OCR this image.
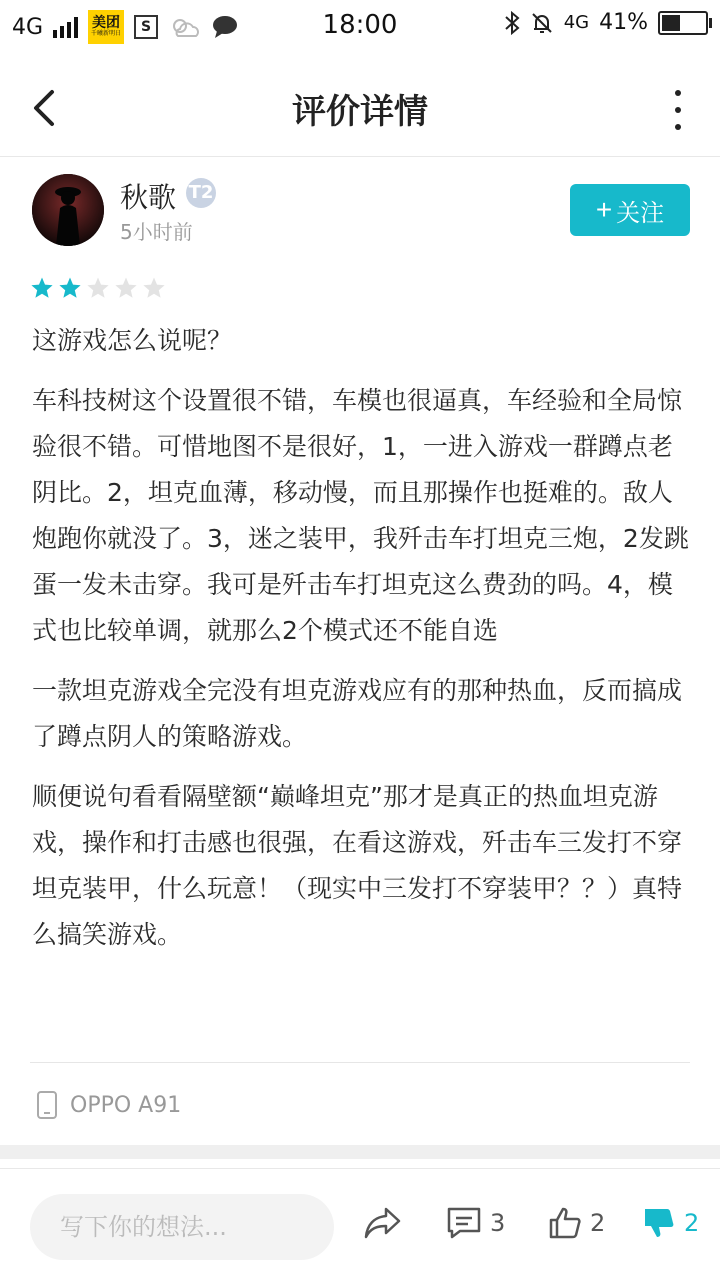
4G	美团
千曦新明日	S	18:00	4G 41%
评价详情
秋歌 T2
5小时前
+ 关注

这游戏怎么说呢？

车科技树这个设置很不错，车模也很逼真，车经验和全局惊验很不错。可惜地图不是很好，1，一进入游戏一群蹲点老阴比。2，坦克血薄，移动慢，而且那操作也挺难的。敌人炮跑你就没了。3，迷之装甲，我歼击车打坦克三炮，2发跳蛋一发未击穿。我可是歼击车打坦克这么费劲的吗。4，模式也比较单调，就那么2个模式还不能自选

一款坦克游戏全完没有坦克游戏应有的那种热血，反而搞成了蹲点阴人的策略游戏。

顺便说句看看隔壁额“巅峰坦克”那才是真正的热血坦克游戏，操作和打击感也很强，在看这游戏，歼击车三发打不穿坦克装甲，什么玩意！（现实中三发打不穿装甲？？）真特么搞笑游戏。

OPPO A91
写下你的想法...	3	2	2
